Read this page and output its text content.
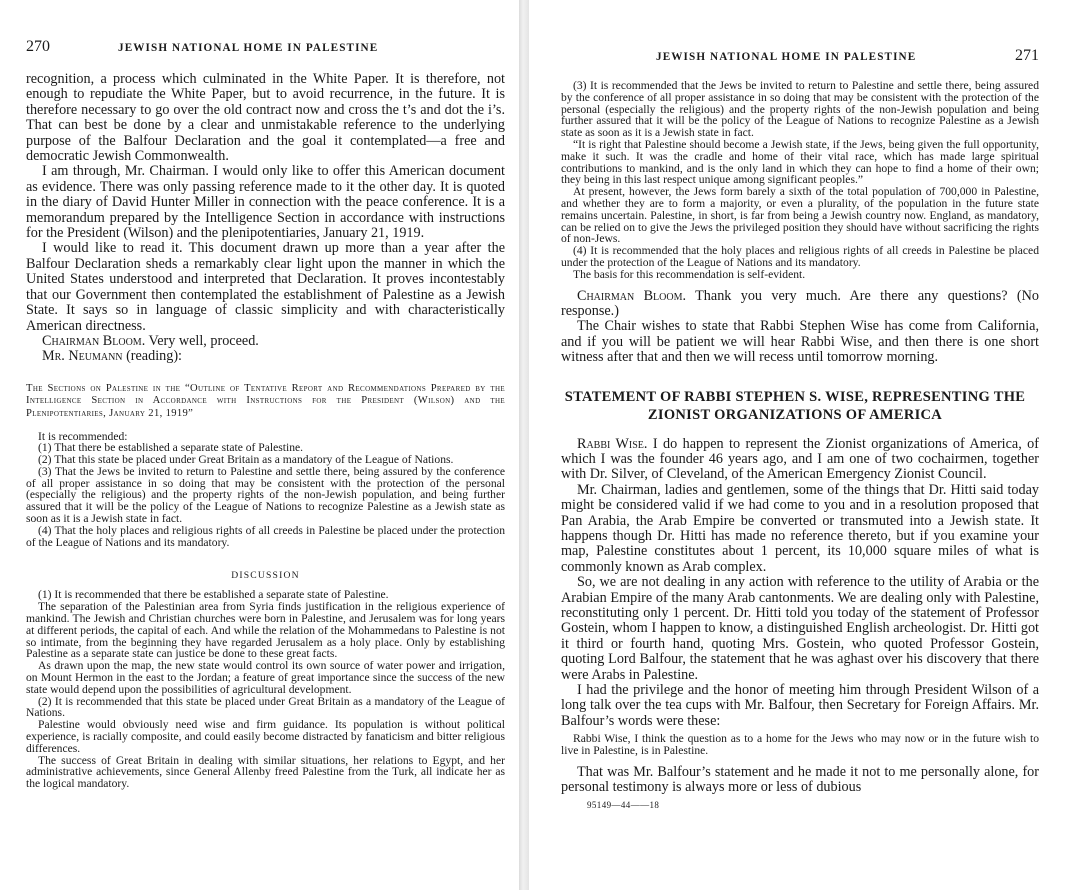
270	JEWISH NATIONAL HOME IN PALESTINE

recognition, a process which culminated in the White Paper. It is therefore, not enough to repudiate the White Paper, but to avoid recurrence, in the future. It is therefore necessary to go over the old contract now and cross the t’s and dot the i’s. That can best be done by a clear and unmistakable reference to the underlying purpose of the Balfour Declaration and the goal it contemplated—a free and democratic Jewish Commonwealth.

I am through, Mr. Chairman. I would only like to offer this American document as evidence. There was only passing reference made to it the other day. It is quoted in the diary of David Hunter Miller in connection with the peace conference. It is a memorandum prepared by the Intelligence Section in accordance with instructions for the President (Wilson) and the plenipotentiaries, January 21, 1919.

I would like to read it. This document drawn up more than a year after the Balfour Declaration sheds a remarkably clear light upon the manner in which the United States understood and interpreted that Declaration. It proves incontestably that our Government then contemplated the establishment of Palestine as a Jewish State. It says so in language of classic simplicity and with characteristically American directness.

Chairman Bloom. Very well, proceed.

Mr. Neumann (reading):

The Sections on Palestine in the “Outline of Tentative Report and Recommendations Prepared by the Intelligence Section in Accordance with Instructions for the President (Wilson) and the Plenipotentiaries, January 21, 1919”

It is recommended:

(1) That there be established a separate state of Palestine.

(2) That this state be placed under Great Britain as a mandatory of the League of Nations.

(3) That the Jews be invited to return to Palestine and settle there, being assured by the conference of all proper assistance in so doing that may be consistent with the protection of the personal (especially the religious) and the property rights of the non-Jewish population, and being further assured that it will be the policy of the League of Nations to recognize Palestine as a Jewish state as soon as it is a Jewish state in fact.

(4) That the holy places and religious rights of all creeds in Palestine be placed under the protection of the League of Nations and its mandatory.

DISCUSSION

(1) It is recommended that there be established a separate state of Palestine.

The separation of the Palestinian area from Syria finds justification in the religious experience of mankind. The Jewish and Christian churches were born in Palestine, and Jerusalem was for long years at different periods, the capital of each. And while the relation of the Mohammedans to Palestine is not so intimate, from the beginning they have regarded Jerusalem as a holy place. Only by establishing Palestine as a separate state can justice be done to these great facts.

As drawn upon the map, the new state would control its own source of water power and irrigation, on Mount Hermon in the east to the Jordan; a feature of great importance since the success of the new state would depend upon the possibilities of agricultural development.

(2) It is recommended that this state be placed under Great Britain as a mandatory of the League of Nations.

Palestine would obviously need wise and firm guidance. Its population is without political experience, is racially composite, and could easily become distracted by fanaticism and bitter religious differences.

The success of Great Britain in dealing with similar situations, her relations to Egypt, and her administrative achievements, since General Allenby freed Palestine from the Turk, all indicate her as the logical mandatory.

JEWISH NATIONAL HOME IN PALESTINE	271

(3) It is recommended that the Jews be invited to return to Palestine and settle there, being assured by the conference of all proper assistance in so doing that may be consistent with the protection of the personal (especially the religious) and the property rights of the non-Jewish population and being further assured that it will be the policy of the League of Nations to recognize Palestine as a Jewish state as soon as it is a Jewish state in fact.

“It is right that Palestine should become a Jewish state, if the Jews, being given the full opportunity, make it such. It was the cradle and home of their vital race, which has made large spiritual contributions to mankind, and is the only land in which they can hope to find a home of their own; they being in this last respect unique among significant peoples.”

At present, however, the Jews form barely a sixth of the total population of 700,000 in Palestine, and whether they are to form a majority, or even a plurality, of the population in the future state remains uncertain. Palestine, in short, is far from being a Jewish country now. England, as mandatory, can be relied on to give the Jews the privileged position they should have without sacrificing the rights of non-Jews.

(4) It is recommended that the holy places and religious rights of all creeds in Palestine be placed under the protection of the League of Nations and its mandatory.

The basis for this recommendation is self-evident.

Chairman Bloom. Thank you very much. Are there any questions? (No response.)

The Chair wishes to state that Rabbi Stephen Wise has come from California, and if you will be patient we will hear Rabbi Wise, and then there is one short witness after that and then we will recess until tomorrow morning.

STATEMENT OF RABBI STEPHEN S. WISE, REPRESENTING THE ZIONIST ORGANIZATIONS OF AMERICA

Rabbi Wise. I do happen to represent the Zionist organizations of America, of which I was the founder 46 years ago, and I am one of two cochairmen, together with Dr. Silver, of Cleveland, of the American Emergency Zionist Council.

Mr. Chairman, ladies and gentlemen, some of the things that Dr. Hitti said today might be considered valid if we had come to you and in a resolution proposed that Pan Arabia, the Arab Empire be converted or transmuted into a Jewish state. It happens though Dr. Hitti has made no reference thereto, but if you examine your map, Palestine constitutes about 1 percent, its 10,000 square miles of what is commonly known as Arab complex.

So, we are not dealing in any action with reference to the utility of Arabia or the Arabian Empire of the many Arab cantonments. We are dealing only with Palestine, reconstituting only 1 percent. Dr. Hitti told you today of the statement of Professor Gostein, whom I happen to know, a distinguished English archeologist. Dr. Hitti got it third or fourth hand, quoting Mrs. Gostein, who quoted Professor Gostein, quoting Lord Balfour, the statement that he was aghast over his discovery that there were Arabs in Palestine.

I had the privilege and the honor of meeting him through President Wilson of a long talk over the tea cups with Mr. Balfour, then Secretary for Foreign Affairs. Mr. Balfour’s words were these:

Rabbi Wise, I think the question as to a home for the Jews who may now or in the future wish to live in Palestine, is in Palestine.

That was Mr. Balfour’s statement and he made it not to me personally alone, for personal testimony is always more or less of dubious

95149—44——18
